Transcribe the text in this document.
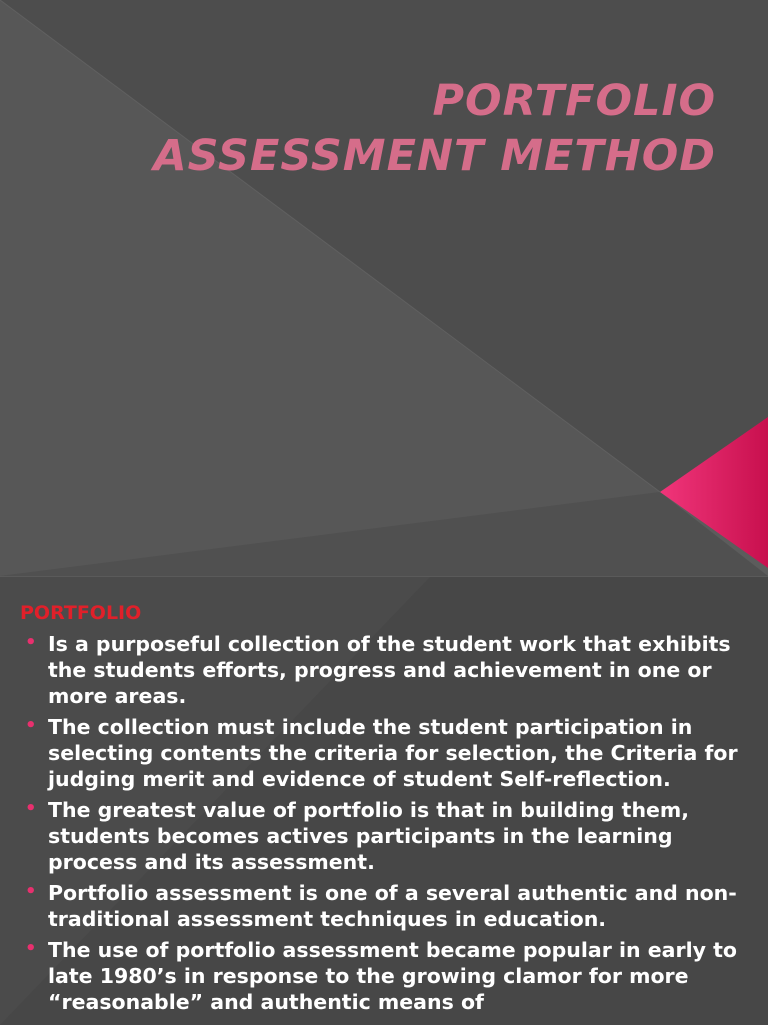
PORTFOLIO
ASSESSMENT METHOD
PORTFOLIO
• Is a purposeful collection of the student work that exhibits the students efforts, progress and achievement in one or more areas.
• The collection must include the student participation in selecting contents the criteria for selection, the Criteria for judging merit and evidence of student Self-reflection.
• The greatest value of portfolio is that in building them, students becomes actives participants in the learning process and its assessment.
• Portfolio assessment is one of a several authentic and non-traditional assessment techniques in education.
• The use of portfolio assessment became popular in early to late 1980’s in response to the growing clamor for more “reasonable” and authentic means of
